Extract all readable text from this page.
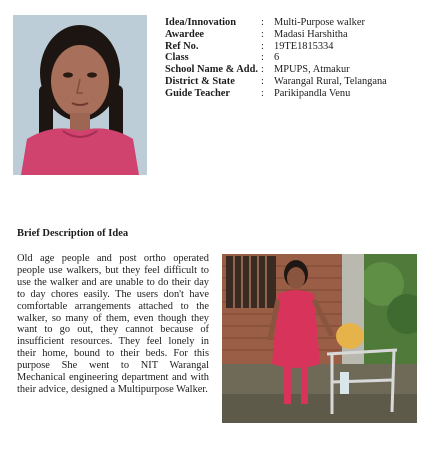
Idea/Innovation	: Multi-Purpose walker
Awardee	: Madasi Harshitha
Ref No.	: 19TE1815334
Class	: 6
School Name & Add. : MPUPS, Atmakur
District & State	: Warangal Rural, Telangana
Guide Teacher	: Parikipandla Venu
Brief Description of Idea

Old age people and post ortho operated people use walkers, but they feel difficult to use the walker and are unable to do their day to day chores easily. The users don't have comfortable arrangements attached to the walker, so many of them, even though they want to go out, they cannot because of insufficient resources. They feel lonely in their home, bound to their beds. For this purpose She went to NIT Warangal Mechanical engineering department and with their advice, designed a Multipurpose Walker.
